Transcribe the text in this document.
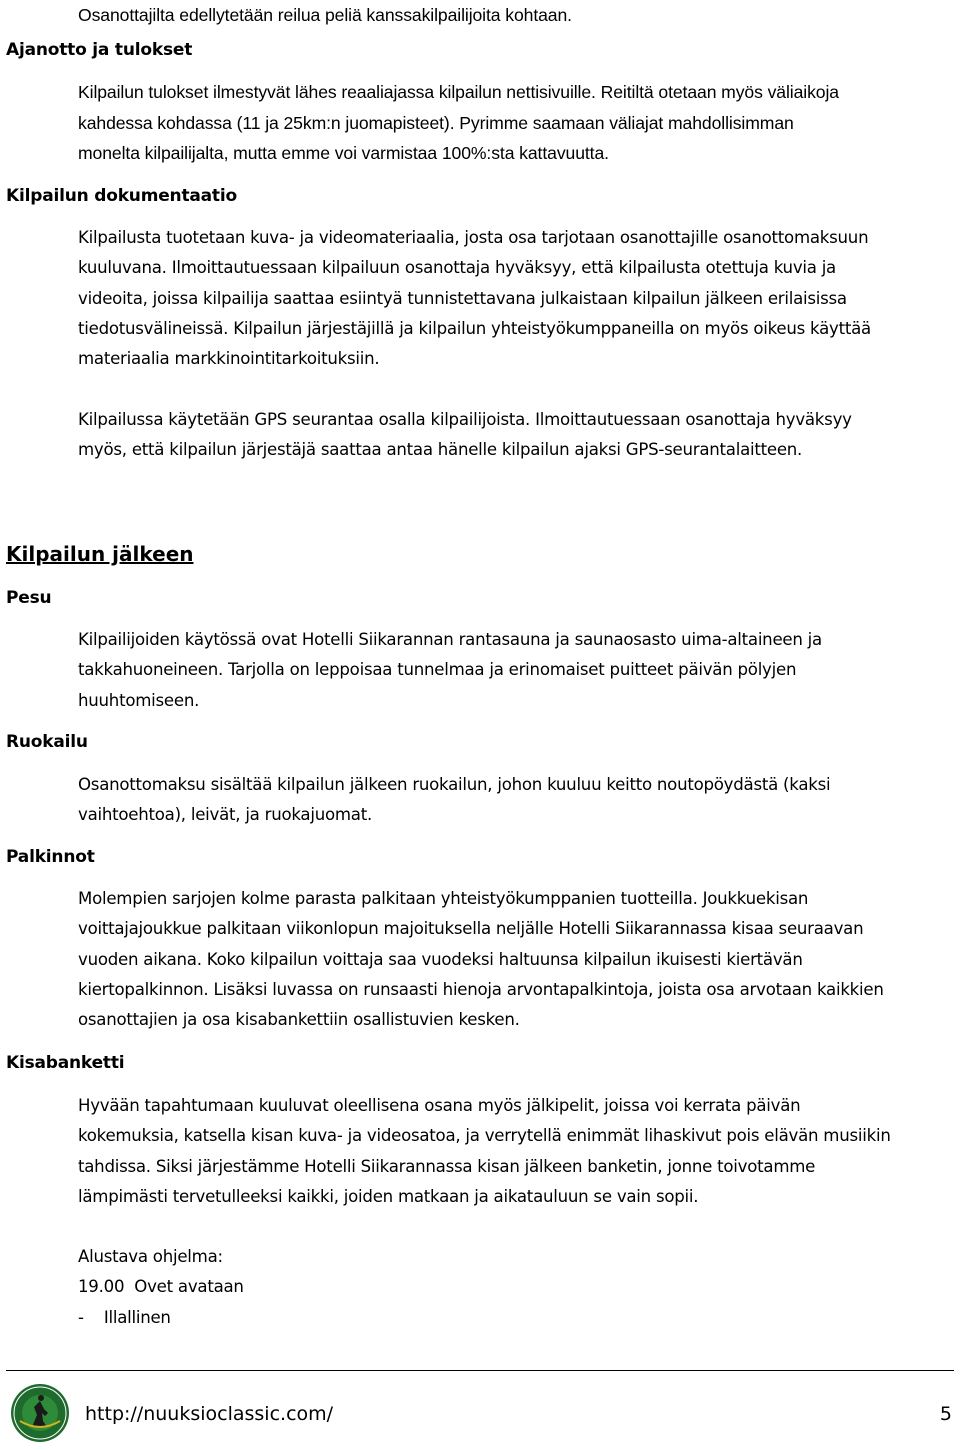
Osanottajilta edellytetään reilua peliä kanssakilpailijoita kohtaan.
Ajanotto ja tulokset
Kilpailun tulokset ilmestyvät lähes reaaliajassa kilpailun nettisivuille. Reitiltä otetaan myös väliaikoja
kahdessa kohdassa (11 ja 25km:n juomapisteet). Pyrimme saamaan väliajat mahdollisimman
monelta kilpailijalta, mutta emme voi varmistaa 100%:sta kattavuutta.
Kilpailun dokumentaatio
Kilpailusta tuotetaan kuva- ja videomateriaalia, josta osa tarjotaan osanottajille osanottomaksuun
kuuluvana. Ilmoittautuessaan kilpailuun osanottaja hyväksyy, että kilpailusta otettuja kuvia ja
videoita, joissa kilpailija saattaa esiintyä tunnistettavana julkaistaan kilpailun jälkeen erilaisissa
tiedotusvälineissä. Kilpailun järjestäjillä ja kilpailun yhteistyökumppaneilla on myös oikeus käyttää
materiaalia markkinointitarkoituksiin.
Kilpailussa käytetään GPS seurantaa osalla kilpailijoista. Ilmoittautuessaan osanottaja hyväksyy
myös, että kilpailun järjestäjä saattaa antaa hänelle kilpailun ajaksi GPS-seurantalaitteen.
Kilpailun jälkeen
Pesu
Kilpailijoiden käytössä ovat Hotelli Siikarannan rantasauna ja saunaosasto uima-altaineen ja
takkahuoneineen. Tarjolla on leppoisaa tunnelmaa ja erinomaiset puitteet päivän pölyjen
huuhtomiseen.
Ruokailu
Osanottomaksu sisältää kilpailun jälkeen ruokailun, johon kuuluu keitto noutopöydästä (kaksi
vaihtoehtoa), leivät, ja ruokajuomat.
Palkinnot
Molempien sarjojen kolme parasta palkitaan yhteistyökumppanien tuotteilla. Joukkuekisan
voittajajoukkue palkitaan viikonlopun majoituksella neljälle Hotelli Siikarannassa kisaa seuraavan
vuoden aikana. Koko kilpailun voittaja saa vuodeksi haltuunsa kilpailun ikuisesti kiertävän
kiertopalkinnon. Lisäksi luvassa on runsaasti hienoja arvontapalkintoja, joista osa arvotaan kaikkien
osanottajien ja osa kisabankettiin osallistuvien kesken.
Kisabanketti
Hyvään tapahtumaan kuuluvat oleellisena osana myös jälkipelit, joissa voi kerrata päivän
kokemuksia, katsella kisan kuva- ja videosatoa, ja verrytellä enimmät lihaskivut pois elävän musiikin
tahdissa. Siksi järjestämme Hotelli Siikarannassa kisan jälkeen banketin, jonne toivotamme
lämpimästi tervetulleeksi kaikki, joiden matkaan ja aikatauluun se vain sopii.
Alustava ohjelma:
19.00  Ovet avataan
-    Illallinen
http://nuuksioclassic.com/	5
